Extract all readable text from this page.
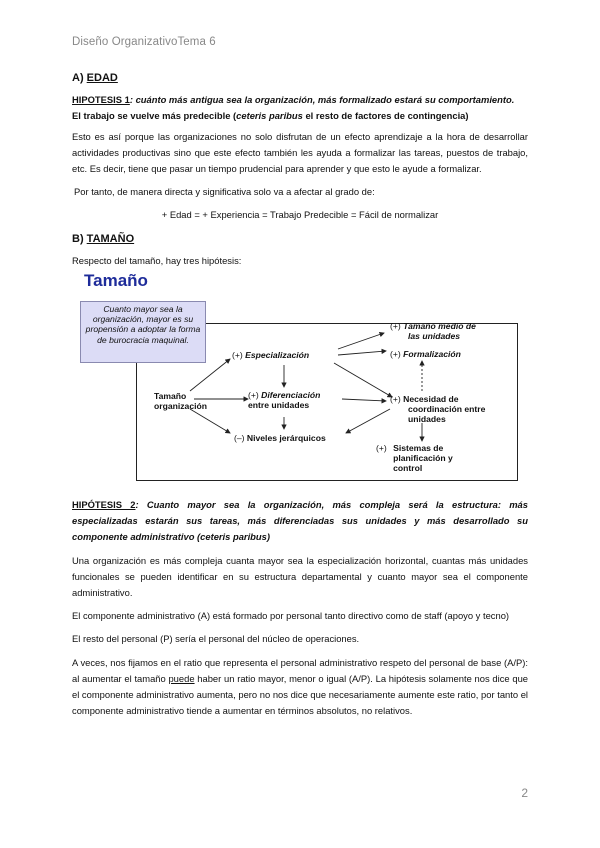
Diseño OrganizativoTema 6
A) EDAD

HIPOTESIS 1: cuánto más antigua sea la organización, más formalizado estará su comportamiento.
El trabajo se vuelve más predecible (ceteris paribus el resto de factores de contingencia)

Esto es así porque las organizaciones no solo disfrutan de un efecto aprendizaje a la hora de desarrollar actividades productivas sino que este efecto también les ayuda a formalizar las tareas, puestos de trabajo, etc. Es decir, tiene que pasar un tiempo prudencial para aprender y que esto le ayude a formalizar.

Por tanto, de manera directa y significativa solo va a afectar al grado de:

+ Edad = + Experiencia = Trabajo Predecible = Fácil de normalizar

B) TAMAÑO

Respecto del tamaño, hay tres hipótesis:

Tamaño
Cuanto mayor sea la organización, mayor es su propensión a adoptar la forma de burocracia maquinal.
Tamaño
organización
(+) Especialización
(+) Diferenciación
entre unidades
(–) Niveles jerárquicos
(+) Tamaño medio de
las unidades
(+) Formalización
(+) Necesidad de
coordinación entre
unidades
(+) Sistemas de
planificación y
control

HIPÓTESIS 2: Cuanto mayor sea la organización, más compleja será la estructura: más especializadas estarán sus tareas, más diferenciadas sus unidades y más desarrollado su componente administrativo (ceteris paribus)

Una organización es más compleja cuanta mayor sea la especialización horizontal, cuantas más unidades funcionales se pueden identificar en su estructura departamental y cuanto mayor sea el componente administrativo.

El componente administrativo (A) está formado por personal tanto directivo como de staff (apoyo y tecno)

El resto del personal (P) sería el personal del núcleo de operaciones.

A veces, nos fijamos en el ratio que representa el personal administrativo respeto del personal de base (A/P): al aumentar el tamaño puede haber un ratio mayor, menor o igual (A/P). La hipótesis solamente nos dice que el componente administrativo aumenta, pero no nos dice que necesariamente aumente este ratio, por tanto el componente administrativo tiende a aumentar en términos absolutos, no relativos.

2
